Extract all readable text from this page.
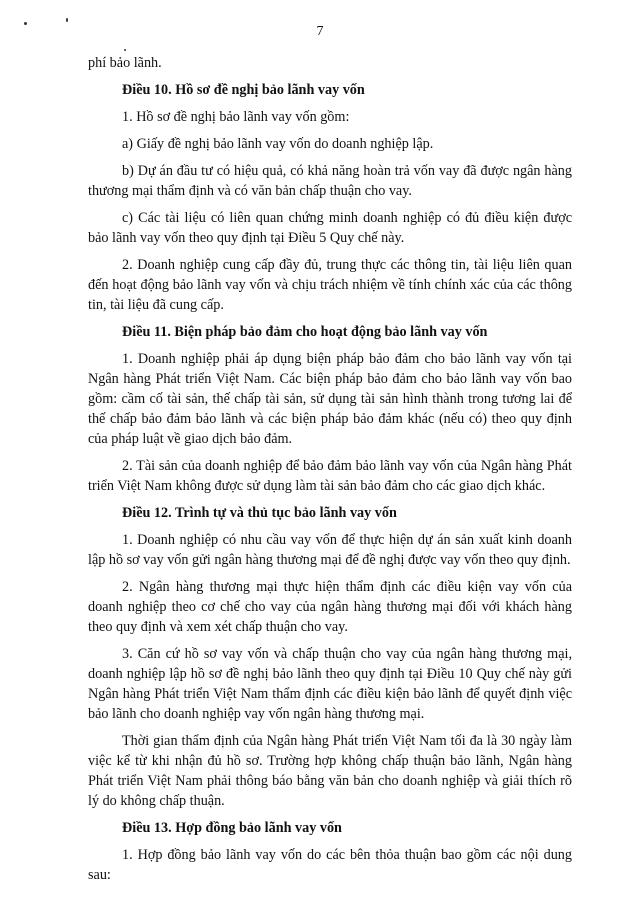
7

phí bảo lãnh.

Điều 10. Hồ sơ đề nghị bảo lãnh vay vốn

1. Hồ sơ đề nghị bảo lãnh vay vốn gồm:

a) Giấy đề nghị bảo lãnh vay vốn do doanh nghiệp lập.

b) Dự án đầu tư có hiệu quả, có khả năng hoàn trả vốn vay đã được ngân hàng thương mại thẩm định và có văn bản chấp thuận cho vay.

c) Các tài liệu có liên quan chứng minh doanh nghiệp có đủ điều kiện được bảo lãnh vay vốn theo quy định tại Điều 5 Quy chế này.

2. Doanh nghiệp cung cấp đầy đủ, trung thực các thông tin, tài liệu liên quan đến hoạt động bảo lãnh vay vốn và chịu trách nhiệm về tính chính xác của các thông tin, tài liệu đã cung cấp.

Điều 11. Biện pháp bảo đảm cho hoạt động bảo lãnh vay vốn

1. Doanh nghiệp phải áp dụng biện pháp bảo đảm cho bảo lãnh vay vốn tại Ngân hàng Phát triển Việt Nam. Các biện pháp bảo đảm cho bảo lãnh vay vốn bao gồm: cầm cố tài sản, thế chấp tài sản, sử dụng tài sản hình thành trong tương lai để thế chấp bảo đảm bảo lãnh và các biện pháp bảo đảm khác (nếu có) theo quy định của pháp luật về giao dịch bảo đảm.

2. Tài sản của doanh nghiệp để bảo đảm bảo lãnh vay vốn của Ngân hàng Phát triển Việt Nam không được sử dụng làm tài sản bảo đảm cho các giao dịch khác.

Điều 12. Trình tự và thủ tục bảo lãnh vay vốn

1. Doanh nghiệp có nhu cầu vay vốn để thực hiện dự án sản xuất kinh doanh lập hồ sơ vay vốn gửi ngân hàng thương mại để đề nghị được vay vốn theo quy định.

2. Ngân hàng thương mại thực hiện thẩm định các điều kiện vay vốn của doanh nghiệp theo cơ chế cho vay của ngân hàng thương mại đối với khách hàng theo quy định và xem xét chấp thuận cho vay.

3. Căn cứ hồ sơ vay vốn và chấp thuận cho vay của ngân hàng thương mại, doanh nghiệp lập hồ sơ đề nghị bảo lãnh theo quy định tại Điều 10 Quy chế này gửi Ngân hàng Phát triển Việt Nam thẩm định các điều kiện bảo lãnh để quyết định việc bảo lãnh cho doanh nghiệp vay vốn ngân hàng thương mại.

Thời gian thẩm định của Ngân hàng Phát triển Việt Nam tối đa là 30 ngày làm việc kể từ khi nhận đủ hồ sơ. Trường hợp không chấp thuận bảo lãnh, Ngân hàng Phát triển Việt Nam phải thông báo bằng văn bản cho doanh nghiệp và giải thích rõ lý do không chấp thuận.

Điều 13. Hợp đồng bảo lãnh vay vốn

1. Hợp đồng bảo lãnh vay vốn do các bên thỏa thuận bao gồm các nội dung sau:
